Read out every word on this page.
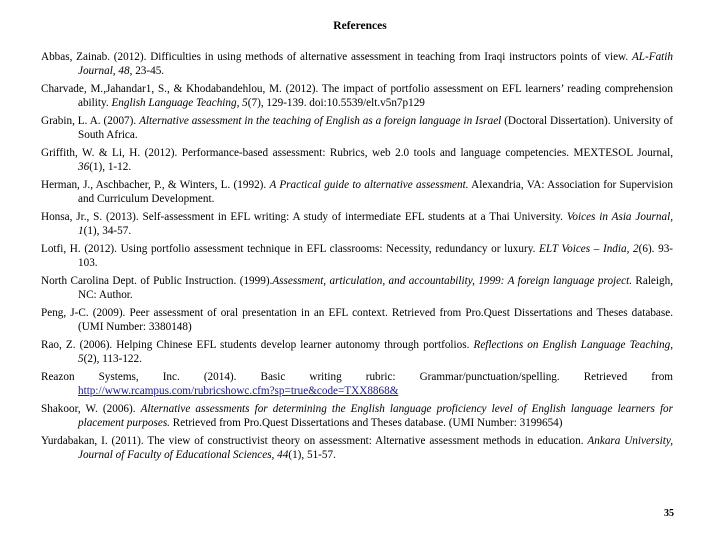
References

Abbas, Zainab. (2012). Difficulties in using methods of alternative assessment in teaching from Iraqi instructors points of view. AL-Fatih Journal, 48, 23-45.

Charvade, M.,Jahandar1, S., & Khodabandehlou, M. (2012). The impact of portfolio assessment on EFL learners’ reading comprehension ability. English Language Teaching, 5(7), 129-139. doi:10.5539/elt.v5n7p129

Grabin, L. A. (2007). Alternative assessment in the teaching of English as a foreign language in Israel (Doctoral Dissertation). University of South Africa.

Griffith, W. & Li, H. (2012). Performance-based assessment: Rubrics, web 2.0 tools and language competencies. MEXTESOL Journal, 36(1), 1-12.

Herman, J., Aschbacher, P., & Winters, L. (1992). A Practical guide to alternative assessment. Alexandria, VA: Association for Supervision and Curriculum Development.

Honsa, Jr., S. (2013). Self-assessment in EFL writing: A study of intermediate EFL students at a Thai University. Voices in Asia Journal, 1(1), 34-57.

Lotfi, H. (2012). Using portfolio assessment technique in EFL classrooms: Necessity, redundancy or luxury. ELT Voices – India, 2(6). 93-103.

North Carolina Dept. of Public Instruction. (1999).Assessment, articulation, and accountability, 1999: A foreign language project. Raleigh, NC: Author.

Peng, J-C. (2009). Peer assessment of oral presentation in an EFL context. Retrieved from Pro.Quest Dissertations and Theses database. (UMI Number: 3380148)

Rao, Z. (2006). Helping Chinese EFL students develop learner autonomy through portfolios. Reflections on English Language Teaching, 5(2), 113-122.

Reazon Systems, Inc. (2014). Basic writing rubric: Grammar/punctuation/spelling. Retrieved from http://www.rcampus.com/rubricshowc.cfm?sp=true&code=TXX8868&

Shakoor, W. (2006). Alternative assessments for determining the English language proficiency level of English language learners for placement purposes. Retrieved from Pro.Quest Dissertations and Theses database. (UMI Number: 3199654)

Yurdabakan, I. (2011). The view of constructivist theory on assessment: Alternative assessment methods in education. Ankara University, Journal of Faculty of Educational Sciences, 44(1), 51-57.

35
